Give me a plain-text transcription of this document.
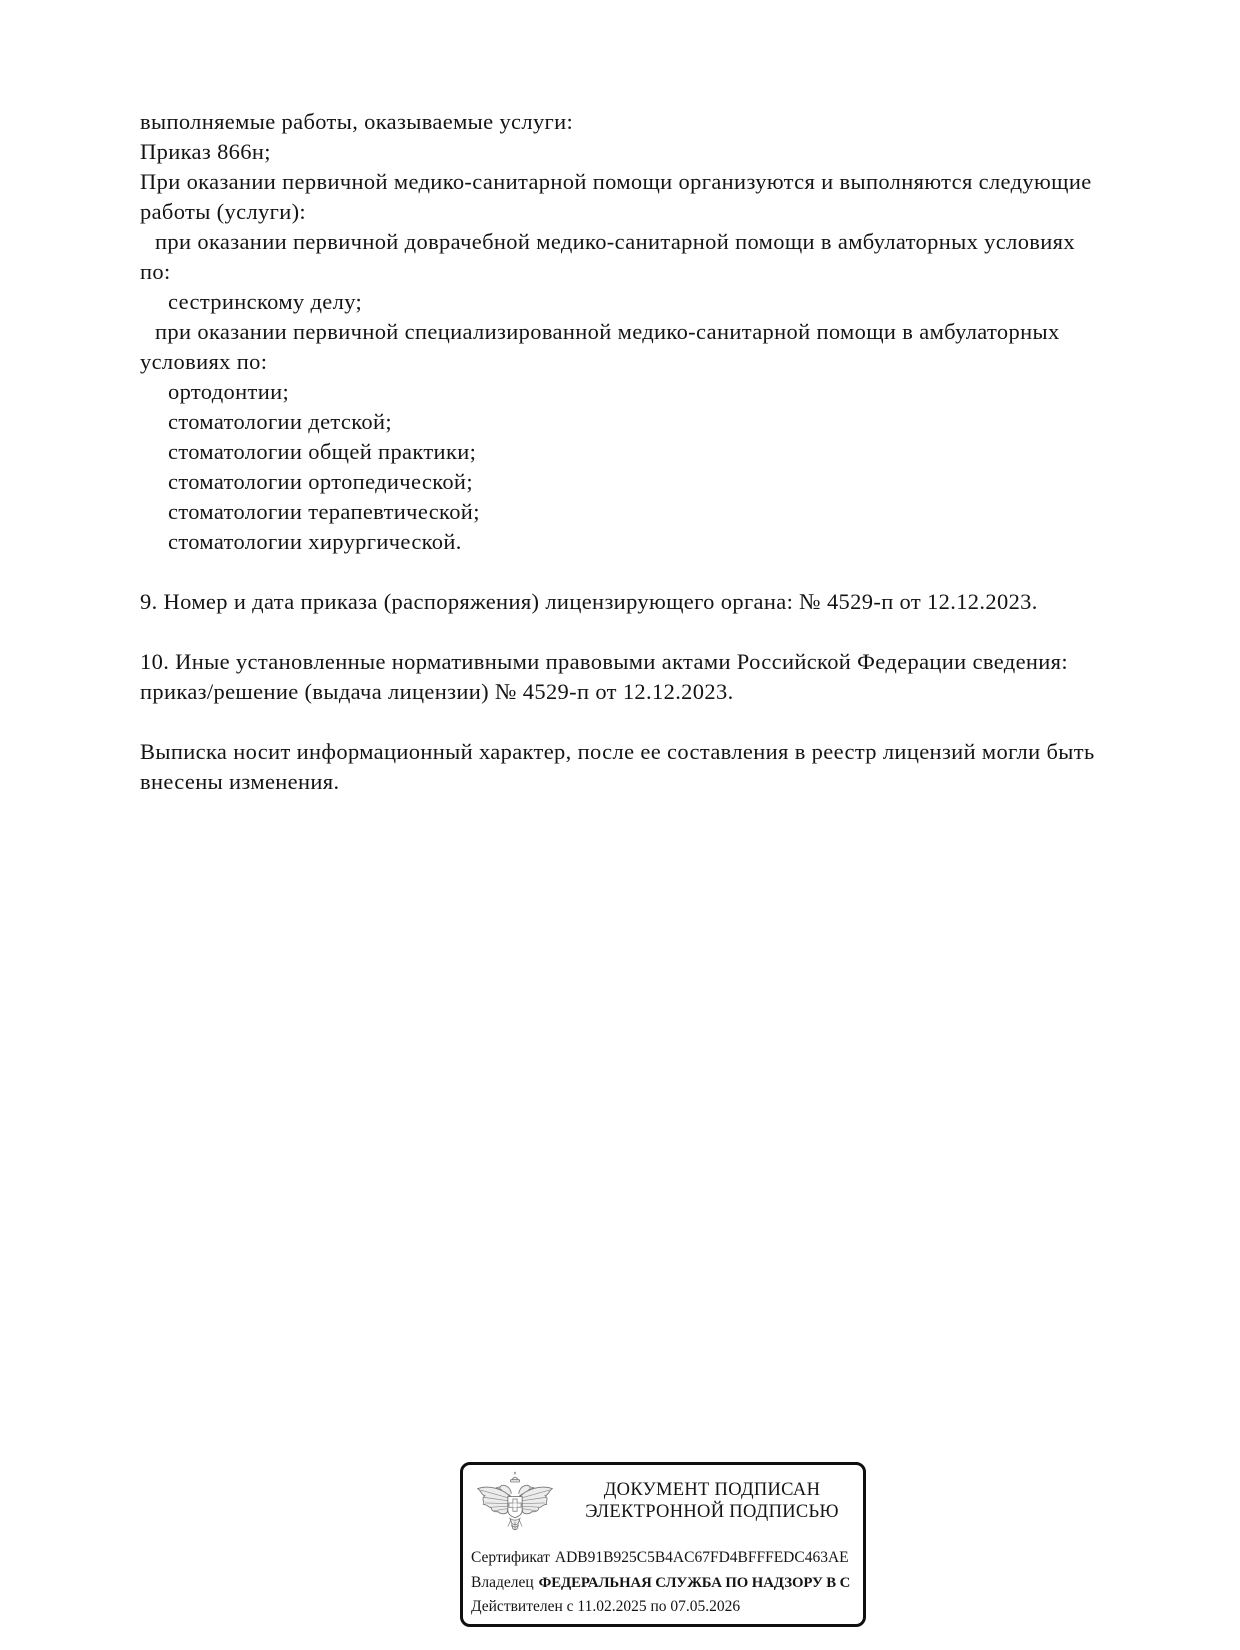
выполняемые работы, оказываемые услуги:
Приказ 866н;
При оказании первичной медико-санитарной помощи организуются и выполняются следующие
работы (услуги):
при оказании первичной доврачебной медико-санитарной помощи в амбулаторных условиях
по:
сестринскому делу;
при оказании первичной специализированной медико-санитарной помощи в амбулаторных
условиях по:
ортодонтии;
стоматологии детской;
стоматологии общей практики;
стоматологии ортопедической;
стоматологии терапевтической;
стоматологии хирургической.
9. Номер и дата приказа (распоряжения) лицензирующего органа: № 4529-п от 12.12.2023.
10. Иные установленные нормативными правовыми актами Российской Федерации сведения:
приказ/решение (выдача лицензии) № 4529-п от 12.12.2023.
Выписка носит информационный характер, после ее составления в реестр лицензий могли быть
внесены изменения.
ДОКУМЕНТ ПОДПИСАН
ЭЛЕКТРОННОЙ ПОДПИСЬЮ
Сертификат ADB91B925C5B4AC67FD4BFFFEDC463AE
Владелец ФЕДЕРАЛЬНАЯ СЛУЖБА ПО НАДЗОРУ В С
Действителен с 11.02.2025 по 07.05.2026
